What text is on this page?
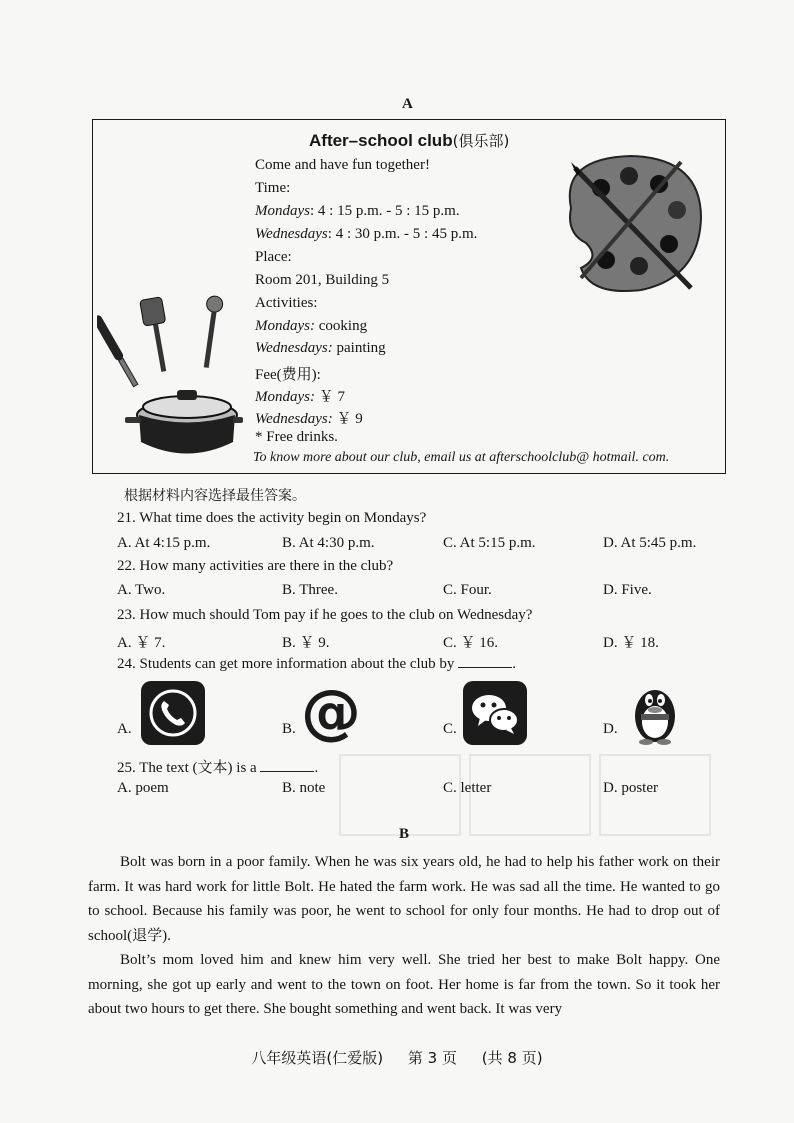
A
After–school club(俱乐部)
Come and have fun together!
Time:
Mondays: 4 : 15 p.m. - 5 : 15 p.m.
Wednesdays: 4 : 30 p.m. - 5 : 45 p.m.
Place:
Room 201, Building 5
Activities:
Mondays: cooking
Wednesdays: painting
Fee(费用):
Mondays: ￥ 7
Wednesdays: ￥ 9
* Free drinks.
To know more about our club, email us at afterschoolclub@ hotmail. com.
根据材料内容选择最佳答案。
21. What time does the activity begin on Mondays?
A. At 4:15 p.m.	B. At 4:30 p.m.	C. At 5:15 p.m.	D. At 5:45 p.m.
22. How many activities are there in the club?
A. Two.	B. Three.	C. Four.	D. Five.
23. How much should Tom pay if he goes to the club on Wednesday?
A. ￥ 7.	B. ￥ 9.	C. ￥ 16.	D. ￥ 18.
24. Students can get more information about the club by	.
A.	B. @	C.	D.
25. The text (文本) is a	.
A. poem	B. note	C. letter	D. poster
B

Bolt was born in a poor family. When he was six years old, he had to help his father work on their farm. It was hard work for little Bolt. He hated the farm work. He was sad all the time. He wanted to go to school. Because his family was poor, he went to school for only four months. He had to drop out of school(退学).

Bolt’s mom loved him and knew him very well. She tried her best to make Bolt happy. One morning, she got up early and went to the town on foot. Her home is far from the town. So it took her about two hours to get there. She bought something and went back. It was very

八年级英语(仁爱版) 第 3 页 (共 8 页)
